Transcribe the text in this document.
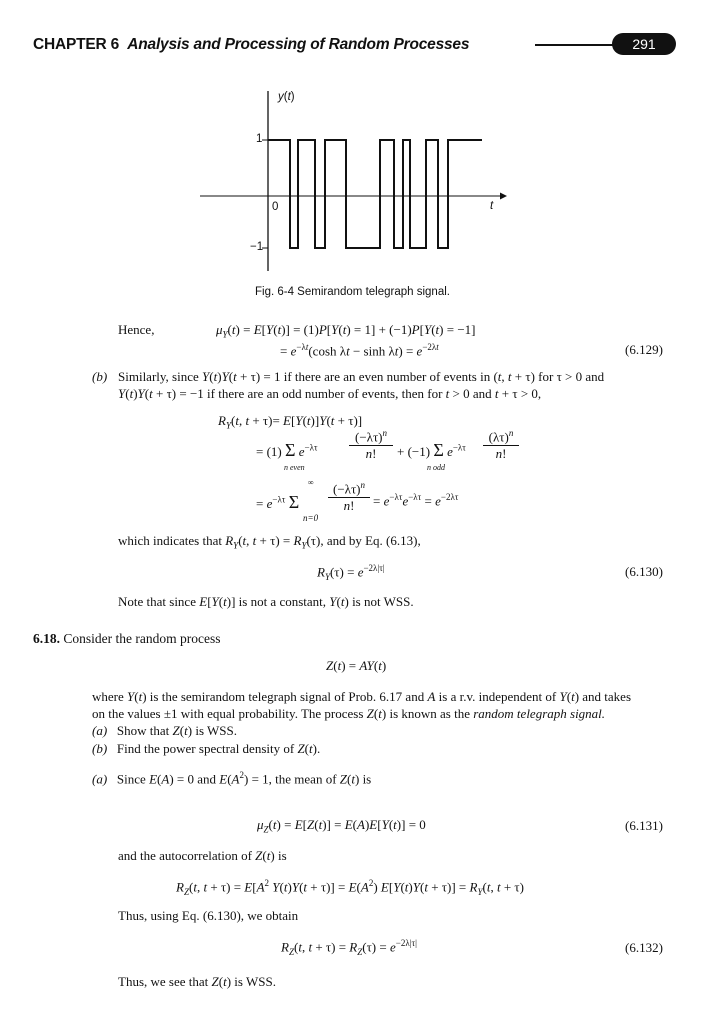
CHAPTER 6 Analysis and Processing of Random Processes	291
y(t)
t
1
0
−1
Fig. 6-4 Semirandom telegraph signal.
Hence,	$\mu_Y(t) = E[Y(t)] = (1)P[Y(t) = 1] + (-1)P[Y(t) = -1]$
= $e^{-\lambda t}(\cosh$ $\lambda t - \sinh \lambda t) = e^{-2\lambda t}$	(6.129)
(b) Similarly, since Y(t)Y(t + τ) = 1 if there are an even number of events in (t, t + τ) for τ > 0 and
Y(t)Y(t + τ) = −1 if there are an odd number of events, then for t > 0 and t + τ > 0,
$R_Y(t$, t + τ)= E[Y(t)]Y(t + τ)]
= (1) Σ $e^{-\lambda\tau}$
$(-\lambda\tau)^n$
n!	+ (−1) Σ $e^{-\lambda\tau}$
$(\lambda\tau)^n$
n!
n even	n odd
∞
= $e^{-\lambda\tau}$ Σ
$(-\lambda\tau)^n$
n!	= $e^{-\lambda\tau}e^{-\lambda\tau} = e^{-2\lambda\tau}$
n=0
which indicates that $R_Y(t$, $t + \tau) = R_Y(\tau)$, and by Eq. (6.13),
$R_Y(\tau) = e^{-2\lambda|\tau|}$	(6.130)
Note that since E[Y(t)] is not a constant, Y(t) is not WSS.
6.18. Consider the random process
Z(t) = AY(t)
where Y(t) is the semirandom telegraph signal of Prob. 6.17 and A is a r.v. independent of Y(t) and takes
on the values ±1 with equal probability. The process Z(t) is known as the random telegraph signal.
(a)   Show that Z(t) is WSS.
(b)   Find the power spectral density of Z(t).
(a)   Since E(A) = 0 and $E(A^2) = 1$, the mean of Z(t) is
$\mu_Z(t) = E[Z(t)] = E(A)E[Y(t)] = 0$	(6.131)
and the autocorrelation of Z(t) is
$R_Z(t$, $t + \tau) = E[A^2$ $Y(t)Y(t + \tau)] = E(A^2) E[Y(t)Y(t + \tau)] = R_Y(t$, t + τ)
Thus, using Eq. (6.130), we obtain
$R_Z(t$, $t + \tau) = R_Z(\tau) = e^{-2\lambda|\tau|}$	(6.132)
Thus, we see that Z(t) is WSS.
